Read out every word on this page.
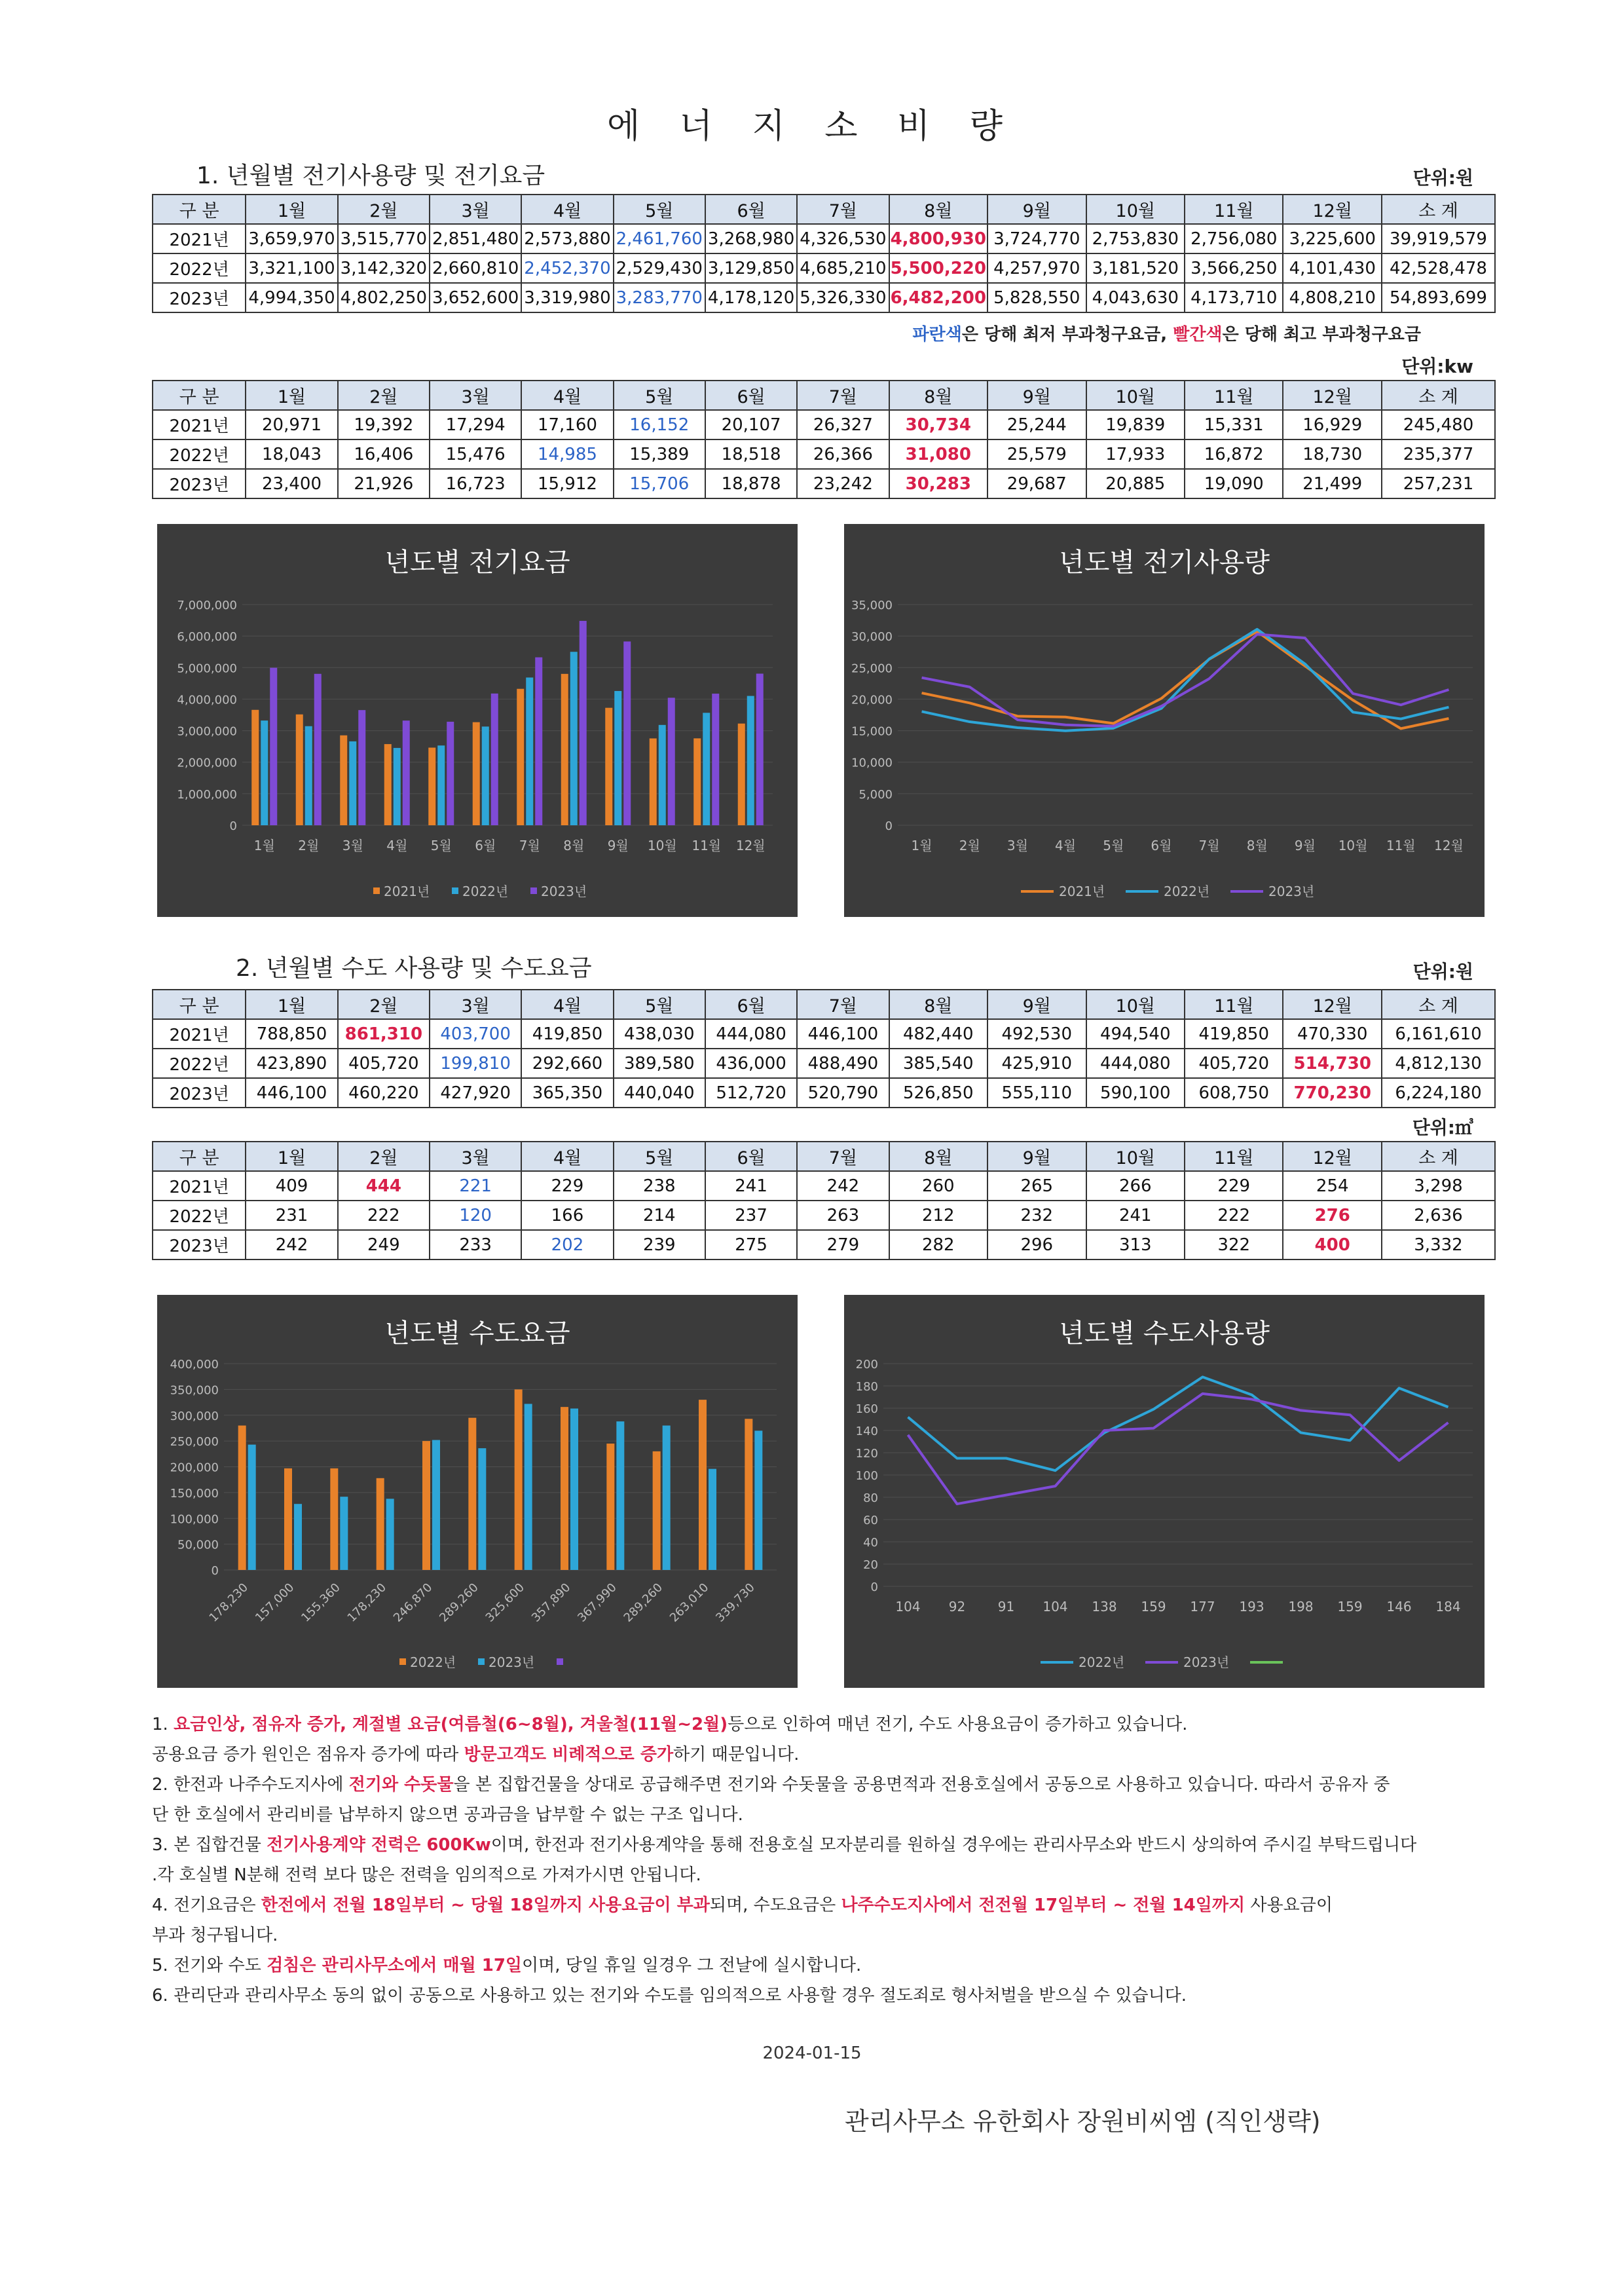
에 너 지 소 비 량
1. 년월별 전기사용량 및 전기요금	단위:원
구 분	1월	2월	3월	4월	5월	6월	7월	8월	9월	10월	11월	12월	소 계
2021년	3,659,970	3,515,770	2,851,480	2,573,880	2,461,760	3,268,980	4,326,530	4,800,930	3,724,770	2,753,830	2,756,080	3,225,600	39,919,579
2022년	3,321,100	3,142,320	2,660,810	2,452,370	2,529,430	3,129,850	4,685,210	5,500,220	4,257,970	3,181,520	3,566,250	4,101,430	42,528,478
2023년	4,994,350	4,802,250	3,652,600	3,319,980	3,283,770	4,178,120	5,326,330	6,482,200	5,828,550	4,043,630	4,173,710	4,808,210	54,893,699
파란색은 당해 최저 부과청구요금, 빨간색은 당해 최고 부과청구요금
단위:kw
구 분	1월	2월	3월	4월	5월	6월	7월	8월	9월	10월	11월	12월	소 계
2021년	20,971	19,392	17,294	17,160	16,152	20,107	26,327	30,734	25,244	19,839	15,331	16,929	245,480
2022년	18,043	16,406	15,476	14,985	15,389	18,518	26,366	31,080	25,579	17,933	16,872	18,730	235,377
2023년	23,400	21,926	16,723	15,912	15,706	18,878	23,242	30,283	29,687	20,885	19,090	21,499	257,231
년도별 전기요금
0
1,000,000
2,000,000
3,000,000
4,000,000
5,000,000
6,000,000
7,000,000
1월 2월 3월 4월 5월 6월 7월 8월 9월 10월 11월 12월
2021년 2022년 2023년
년도별 전기사용량
0
5,000
10,000
15,000
20,000
25,000
30,000
35,000
1월 2월 3월 4월 5월 6월 7월 8월 9월 10월 11월 12월
2021년	2022년	2023년
2. 년월별 수도 사용량 및 수도요금	단위:원
구 분	1월	2월	3월	4월	5월	6월	7월	8월	9월	10월	11월	12월	소 계
2021년	788,850	861,310	403,700	419,850	438,030	444,080	446,100	482,440	492,530	494,540	419,850	470,330	6,161,610
2022년	423,890	405,720	199,810	292,660	389,580	436,000	488,490	385,540	425,910	444,080	405,720	514,730	4,812,130
2023년	446,100	460,220	427,920	365,350	440,040	512,720	520,790	526,850	555,110	590,100	608,750	770,230	6,224,180
단위:㎥
구 분	1월	2월	3월	4월	5월	6월	7월	8월	9월	10월	11월	12월	소 계
2021년	409	444	221	229	238	241	242	260	265	266	229	254	3,298
2022년	231	222	120	166	214	237	263	212	232	241	222	276	2,636
2023년	242	249	233	202	239	275	279	282	296	313	322	400	3,332
년도별 수도요금
0
50,000
100,000
150,000
200,000
250,000
300,000
350,000
400,000
178,230 157,000 155,360 178,230 246,870 289,260 325,600 357,890 367,990 289,260 263,010 339,730
2022년 2023년
년도별 수도사용량
0
20
40
60
80
100
120
140
160
180
200
104 92 91 104 138 159 177 193 198 159 146 184
2022년	2023년

1. 요금인상, 점유자 증가, 계절별 요금(여름철(6~8월), 겨울철(11월~2월)등으로 인하여 매년 전기, 수도 사용요금이 증가하고 있습니다.

공용요금 증가 원인은 점유자 증가에 따라 방문고객도 비례적으로 증가하기 때문입니다.

2. 한전과 나주수도지사에 전기와 수돗물을 본 집합건물을 상대로 공급해주면 전기와 수돗물을 공용면적과 전용호실에서 공동으로 사용하고 있습니다. 따라서 공유자 중

단 한 호실에서 관리비를 납부하지 않으면 공과금을 납부할 수 없는 구조 입니다.

3. 본 집합건물 전기사용계약 전력은 600Kw이며, 한전과 전기사용계약을 통해 전용호실 모자분리를 원하실 경우에는 관리사무소와 반드시 상의하여 주시길 부탁드립니다

.각 호실별 N분해 전력 보다 많은 전력을 임의적으로 가져가시면 안됩니다.

4. 전기요금은 한전에서 전월 18일부터 ~ 당월 18일까지 사용요금이 부과되며, 수도요금은 나주수도지사에서 전전월 17일부터 ~ 전월 14일까지 사용요금이

부과 청구됩니다.

5. 전기와 수도 검침은 관리사무소에서 매월 17일이며, 당일 휴일 일경우 그 전날에 실시합니다.

6. 관리단과 관리사무소 동의 없이 공동으로 사용하고 있는 전기와 수도를 임의적으로 사용할 경우 절도죄로 형사처벌을 받으실 수 있습니다.

2024-01-15
관리사무소 유한회사 장원비씨엠 (직인생략)
